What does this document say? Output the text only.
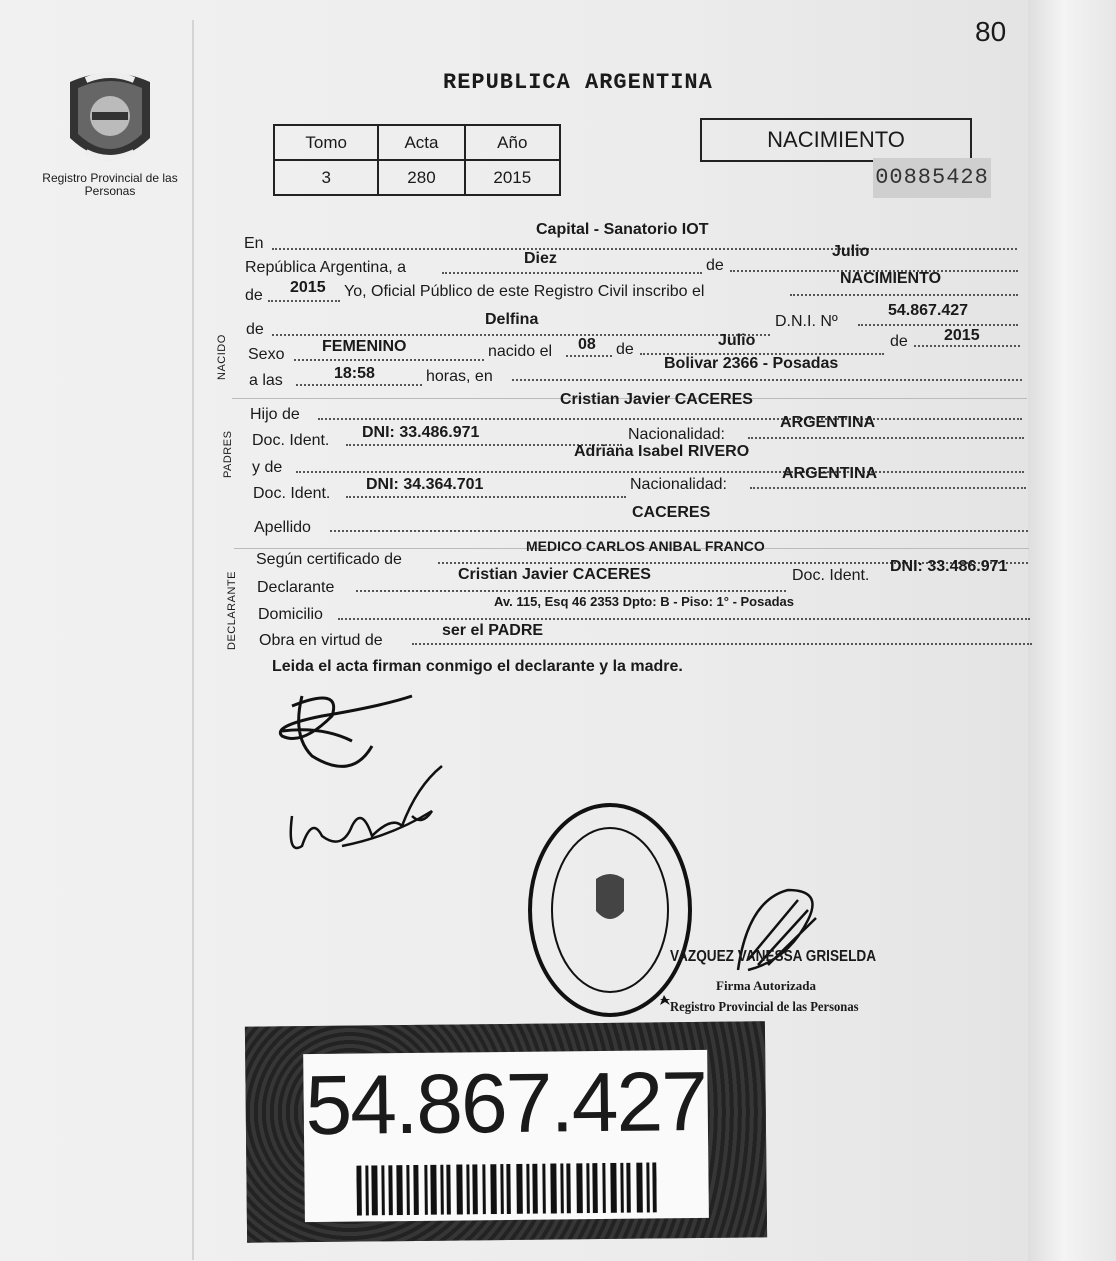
80
REPUBLICA ARGENTINA
Registro Provincial de las Personas
Tomo	Acta	Año
3	280	2015
NACIMIENTO
00885428
NACIDO
PADRES
DECLARANTE
En
Capital - Sanatorio IOT
República Argentina, a
Diez	de
Julio
de 2015 Yo, Oficial Público de este Registro Civil inscribo el
NACIMIENTO
de
Delfina	D.N.I. Nº
54.867.427
Sexo FEMENINO	nacido el 08 de
Julio	de 2015
a las	18:58	horas, en
Bolivar 2366 - Posadas
Hijo de
Cristian Javier CACERES
Doc. Ident. DNI: 33.486.971	Nacionalidad:
ARGENTINA
y de
Adriana Isabel RIVERO
Doc. Ident.
DNI: 34.364.701	Nacionalidad:
ARGENTINA
Apellido
CACERES
Según certificado de
MEDICO CARLOS ANIBAL FRANCO
Declarante
Cristian Javier CACERES	Doc. Ident.
DNI: 33.486.971
Domicilio
Av. 115, Esq 46 2353 Dpto: B - Piso: 1° - Posadas
Obra en virtud de
ser el PADRE
Leida el acta firman conmigo el declarante y la madre.
VAZQUEZ VANESSA GRISELDA
Firma Autorizada
Registro Provincial de las Personas
54.867.427
